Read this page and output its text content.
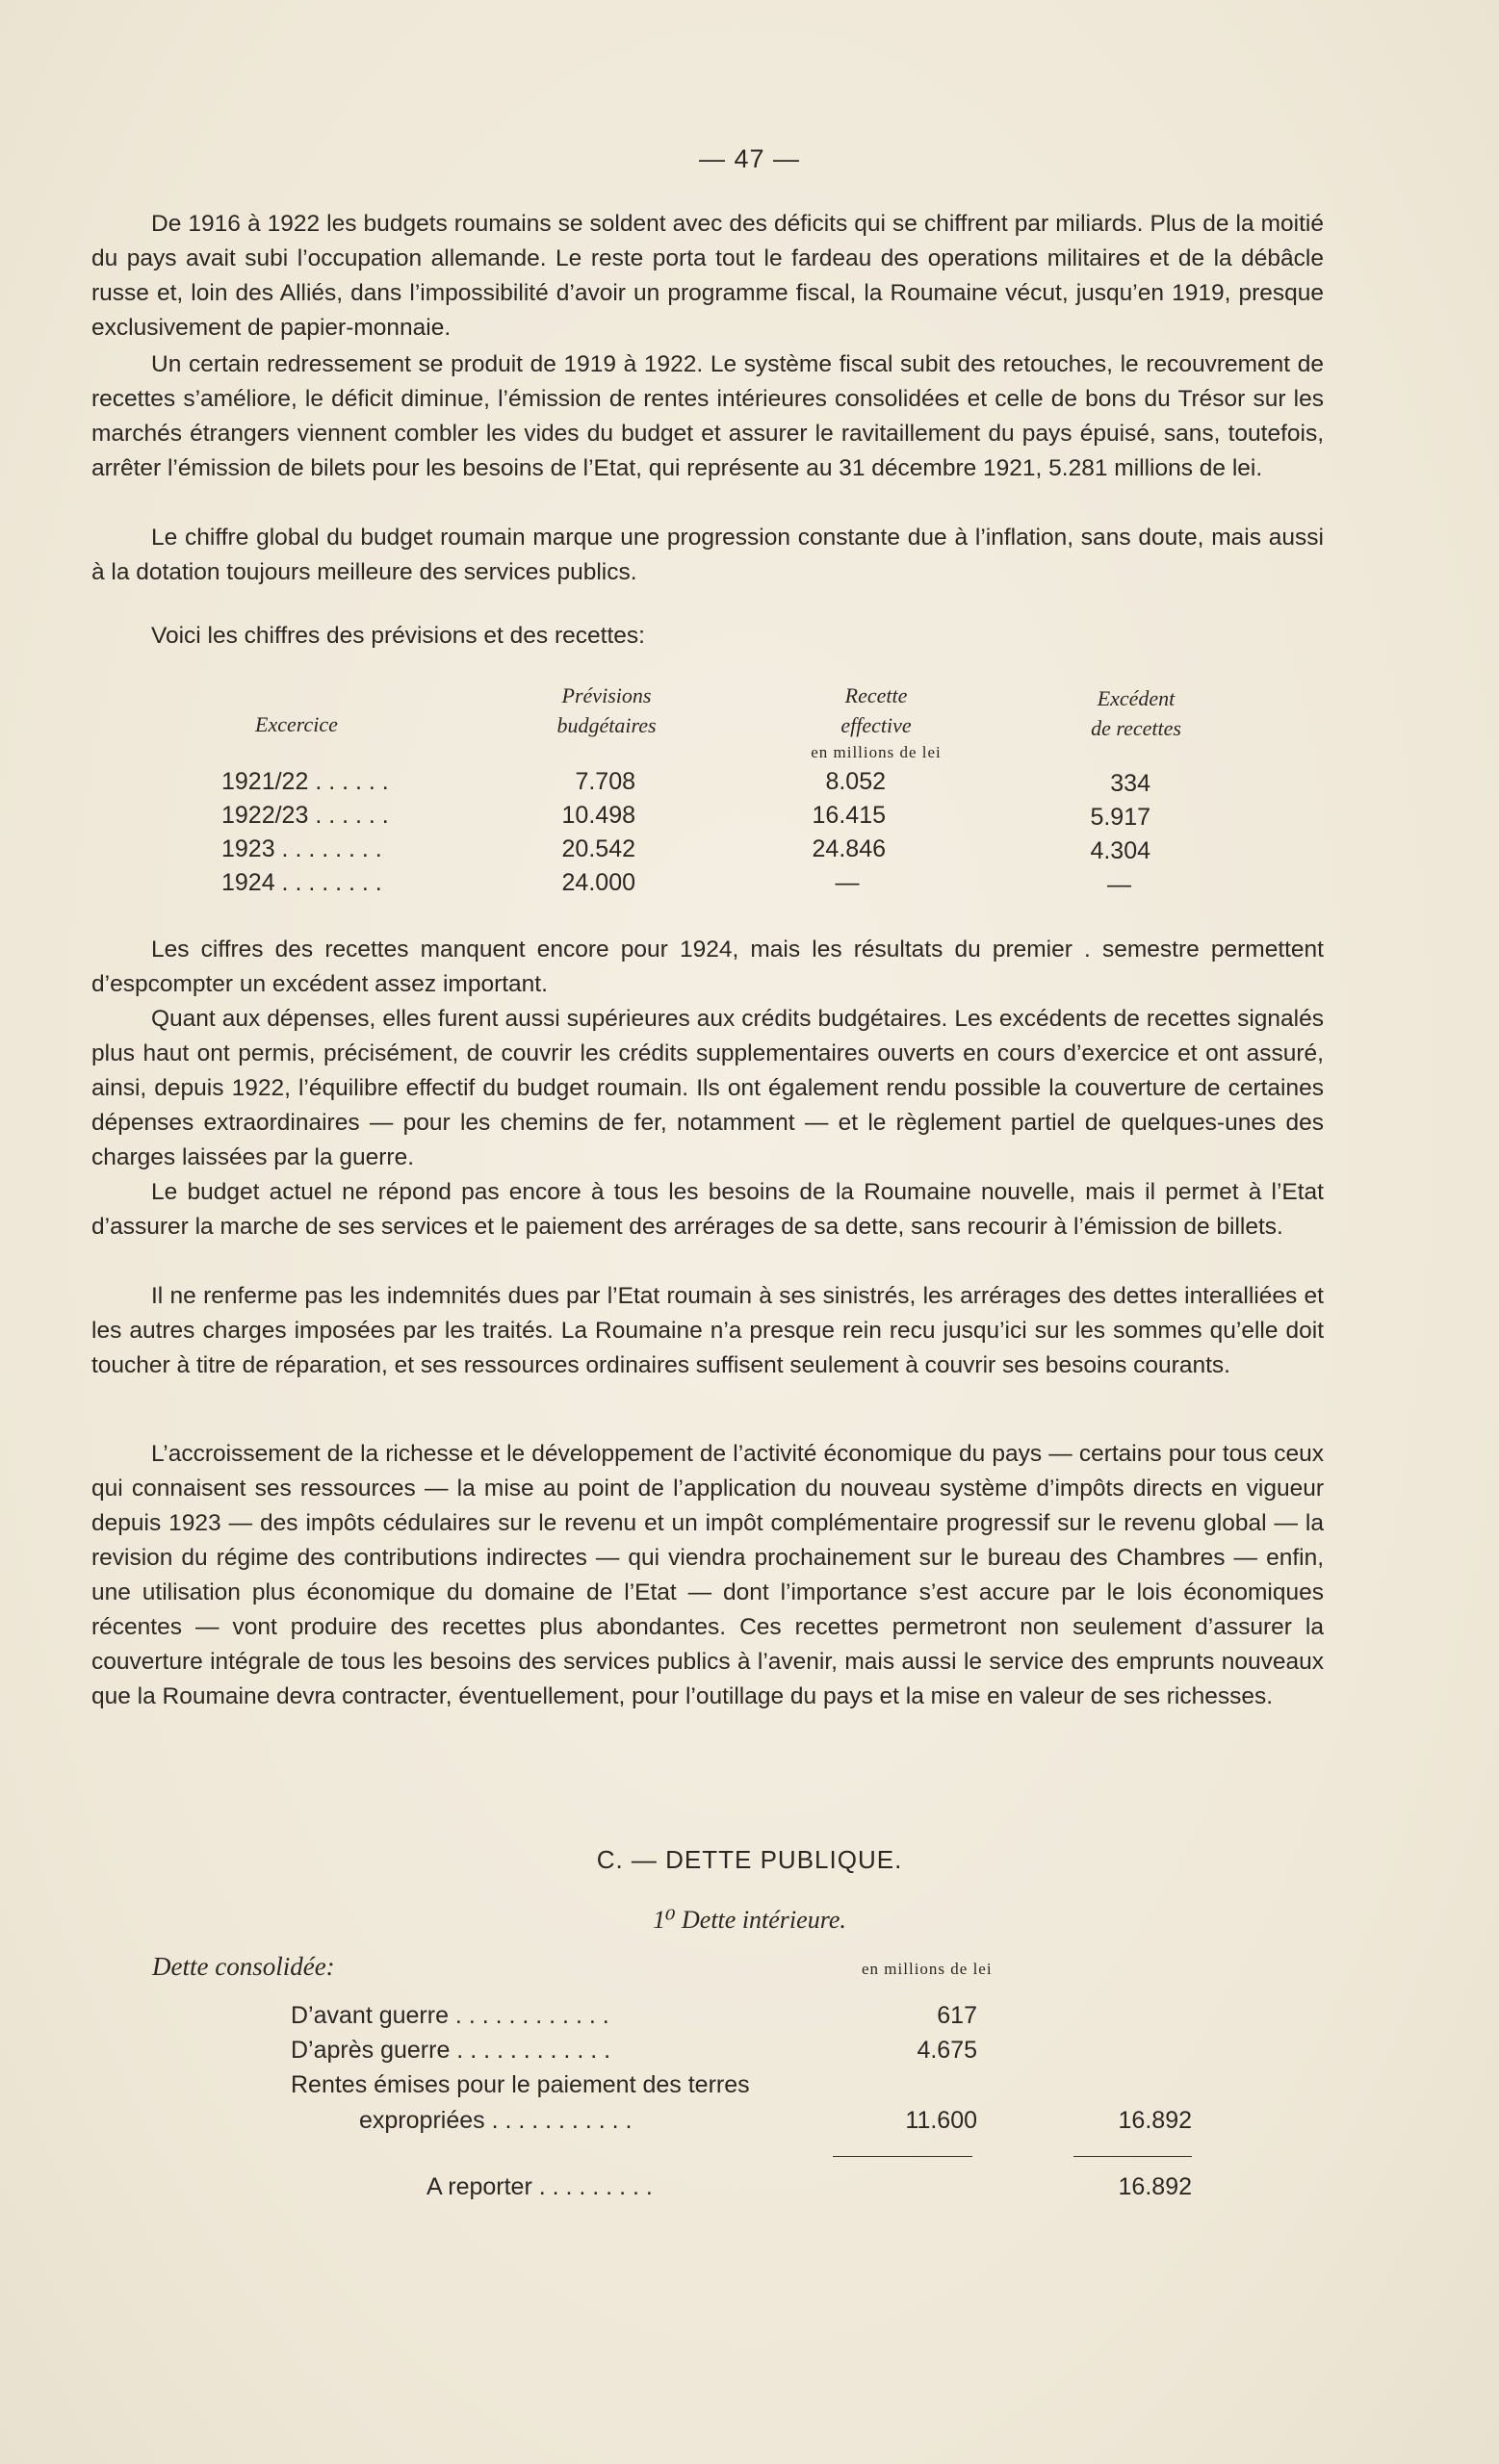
— 47 —

De 1916 à 1922 les budgets roumains se soldent avec des déficits qui se chiffrent par miliards. Plus de la moitié du pays avait subi l’occupation allemande. Le reste porta tout le fardeau des operations militaires et de la débâcle russe et, loin des Alliés, dans l’impossibilité d’avoir un programme fiscal, la Roumaine vécut, jusqu’en 1919, presque exclusivement de papier-monnaie.

Un certain redressement se produit de 1919 à 1922. Le système fiscal subit des retouches, le recouvrement de recettes s’améliore, le déficit diminue, l’émission de rentes intérieures consolidées et celle de bons du Trésor sur les marchés étrangers viennent combler les vides du budget et assurer le ravitaillement du pays épuisé, sans, toutefois, arrêter l’émission de bilets pour les besoins de l’Etat, qui représente au 31 décembre 1921, 5.281 millions de lei.

Le chiffre global du budget roumain marque une progression constante due à l’inflation, sans doute, mais aussi à la dotation toujours meilleure des services publics.

Voici les chiffres des prévisions et des recettes:

Excercice
Prévisions
budgétaires
Recette
effective
en millions de lei
Excédent
de recettes
1921/22 . . . . . .	7.708	8.052	334
1922/23 . . . . . .	10.498	16.415	5.917
1923 . . . . . . . .	20.542	24.846	4.304
1924 . . . . . . . .	24.000	—	—

Les ciffres des recettes manquent encore pour 1924, mais les résultats du premier . semestre permettent d’espcompter un excédent assez important.

Quant aux dépenses, elles furent aussi supérieures aux crédits budgétaires. Les excédents de recettes signalés plus haut ont permis, précisément, de couvrir les crédits supplementaires ouverts en cours d’exercice et ont assuré, ainsi, depuis 1922, l’équilibre effectif du budget roumain. Ils ont également rendu possible la couverture de certaines dépenses extraordinaires — pour les chemins de fer, notamment — et le règlement partiel de quelques-unes des charges laissées par la guerre.

Le budget actuel ne répond pas encore à tous les besoins de la Roumaine nouvelle, mais il permet à l’Etat d’assurer la marche de ses services et le paiement des arrérages de sa dette, sans recourir à l’émission de billets.

Il ne renferme pas les indemnités dues par l’Etat roumain à ses sinistrés, les arrérages des dettes interalliées et les autres charges imposées par les traités. La Roumaine n’a presque rein recu jusqu’ici sur les sommes qu’elle doit toucher à titre de réparation, et ses ressources ordinaires suffisent seulement à couvrir ses besoins courants.

L’accroissement de la richesse et le développement de l’activité économique du pays — certains pour tous ceux qui connaisent ses ressources — la mise au point de l’application du nouveau système d’impôts directs en vigueur depuis 1923 — des impôts cédulaires sur le revenu et un impôt complémentaire progressif sur le revenu global — la revision du régime des contributions indirectes — qui viendra prochainement sur le bureau des Chambres — enfin, une utilisation plus économique du domaine de l’Etat — dont l’importance s’est accure par le lois économiques récentes — vont produire des recettes plus abondantes. Ces recettes permetront non seulement d’assurer la couverture intégrale de tous les besoins des services publics à l’avenir, mais aussi le service des emprunts nouveaux que la Roumaine devra contracter, éventuellement, pour l’outillage du pays et la mise en valeur de ses richesses.

C. — DETTE PUBLIQUE.
1⁰ Dette intérieure.
Dette consolidée:	en millions de lei
D’avant guerre . . . . . . . . . . . .	617
D’après guerre . . . . . . . . . . . .	4.675
Rentes émises pour le paiement des terres
expropriées . . . . . . . . . . .	11.600	16.892
A reporter . . . . . . . . .	16.892
